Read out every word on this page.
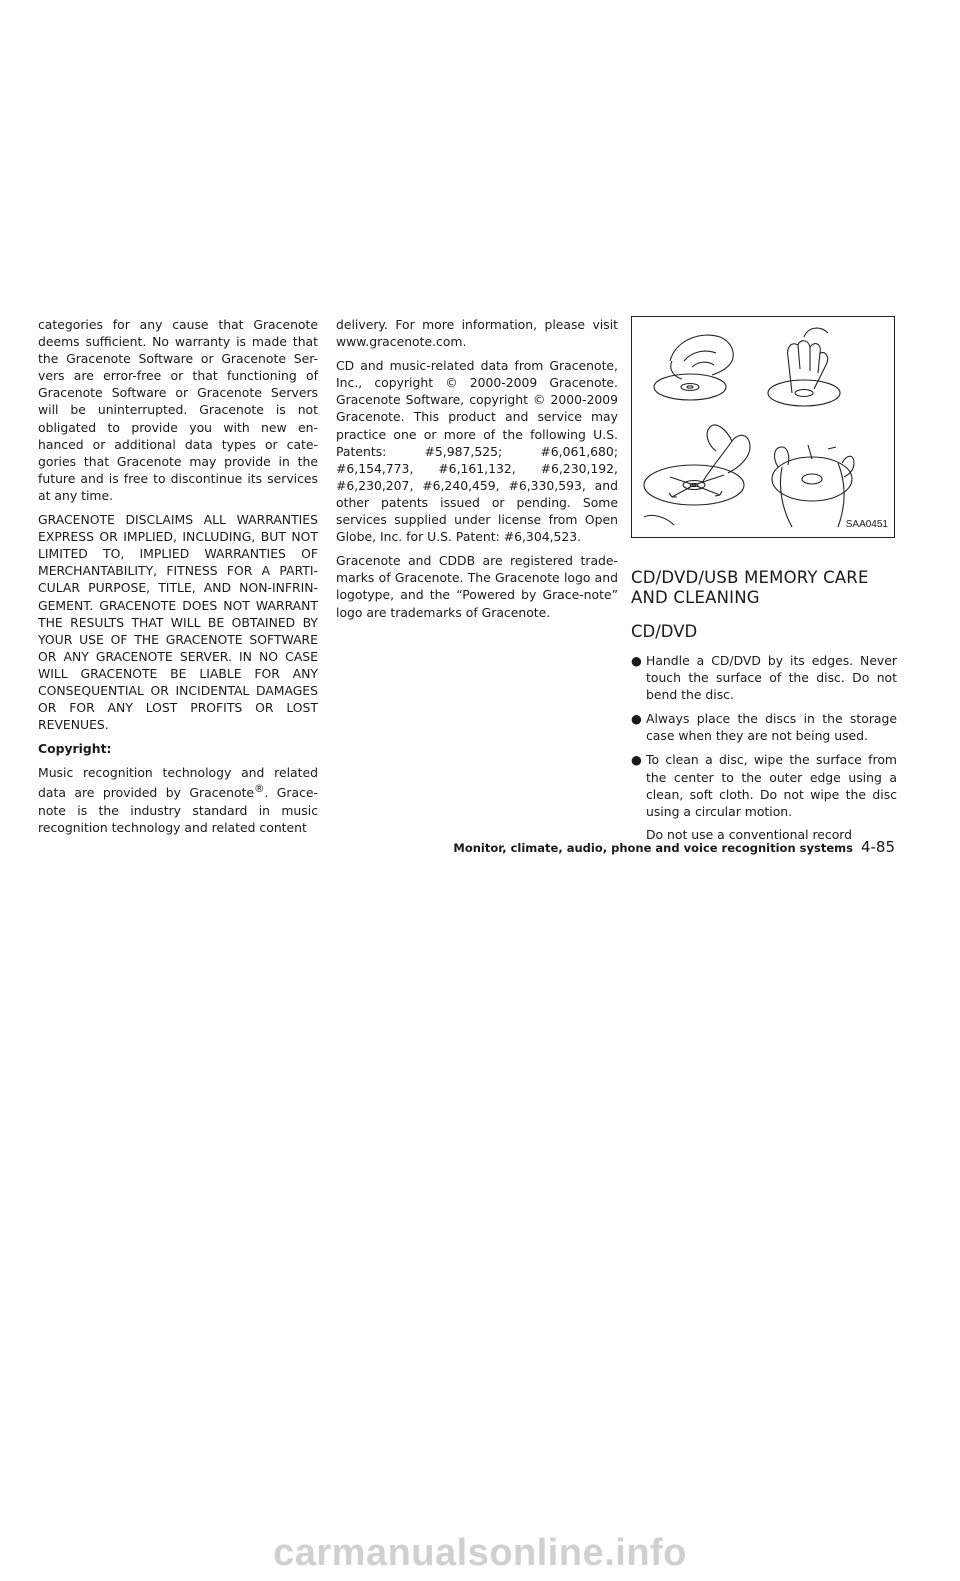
categories for any cause that Gracenote deems sufficient. No warranty is made that the Gracenote Software or Gracenote Ser-vers are error-free or that functioning of Gracenote Software or Gracenote Servers will be uninterrupted. Gracenote is not obligated to provide you with new en-hanced or additional data types or cate-gories that Gracenote may provide in the future and is free to discontinue its services at any time.

GRACENOTE DISCLAIMS ALL WARRANTIES EXPRESS OR IMPLIED, INCLUDING, BUT NOT LIMITED TO, IMPLIED WARRANTIES OF MERCHANTABILITY, FITNESS FOR A PARTI-CULAR PURPOSE, TITLE, AND NON-INFRIN-GEMENT. GRACENOTE DOES NOT WARRANT THE RESULTS THAT WILL BE OBTAINED BY YOUR USE OF THE GRACENOTE SOFTWARE OR ANY GRACENOTE SERVER. IN NO CASE WILL GRACENOTE BE LIABLE FOR ANY CONSEQUENTIAL OR INCIDENTAL DAMAGES OR FOR ANY LOST PROFITS OR LOST REVENUES.

Copyright:

Music recognition technology and related data are provided by Gracenote®. Grace-note is the industry standard in music recognition technology and related content

delivery. For more information, please visit www.gracenote.com.

CD and music-related data from Gracenote, Inc., copyright © 2000-2009 Gracenote. Gracenote Software, copyright © 2000-2009 Gracenote. This product and service may practice one or more of the following U.S. Patents: #5,987,525; #6,061,680; #6,154,773, #6,161,132, #6,230,192, #6,230,207, #6,240,459, #6,330,593, and other patents issued or pending. Some services supplied under license from Open Globe, Inc. for U.S. Patent: #6,304,523.

Gracenote and CDDB are registered trade-marks of Gracenote. The Gracenote logo and logotype, and the “Powered by Grace-note” logo are trademarks of Gracenote.

SAA0451
CD/DVD/USB MEMORY CARE AND CLEANING
CD/DVD
● Handle a CD/DVD by its edges. Never touch the surface of the disc. Do not bend the disc.
● Always place the discs in the storage case when they are not being used.
● To clean a disc, wipe the surface from the center to the outer edge using a clean, soft cloth. Do not wipe the disc using a circular motion.

Do not use a conventional record

Monitor, climate, audio, phone and voice recognition systems 4-85
carmanualsonline.info
